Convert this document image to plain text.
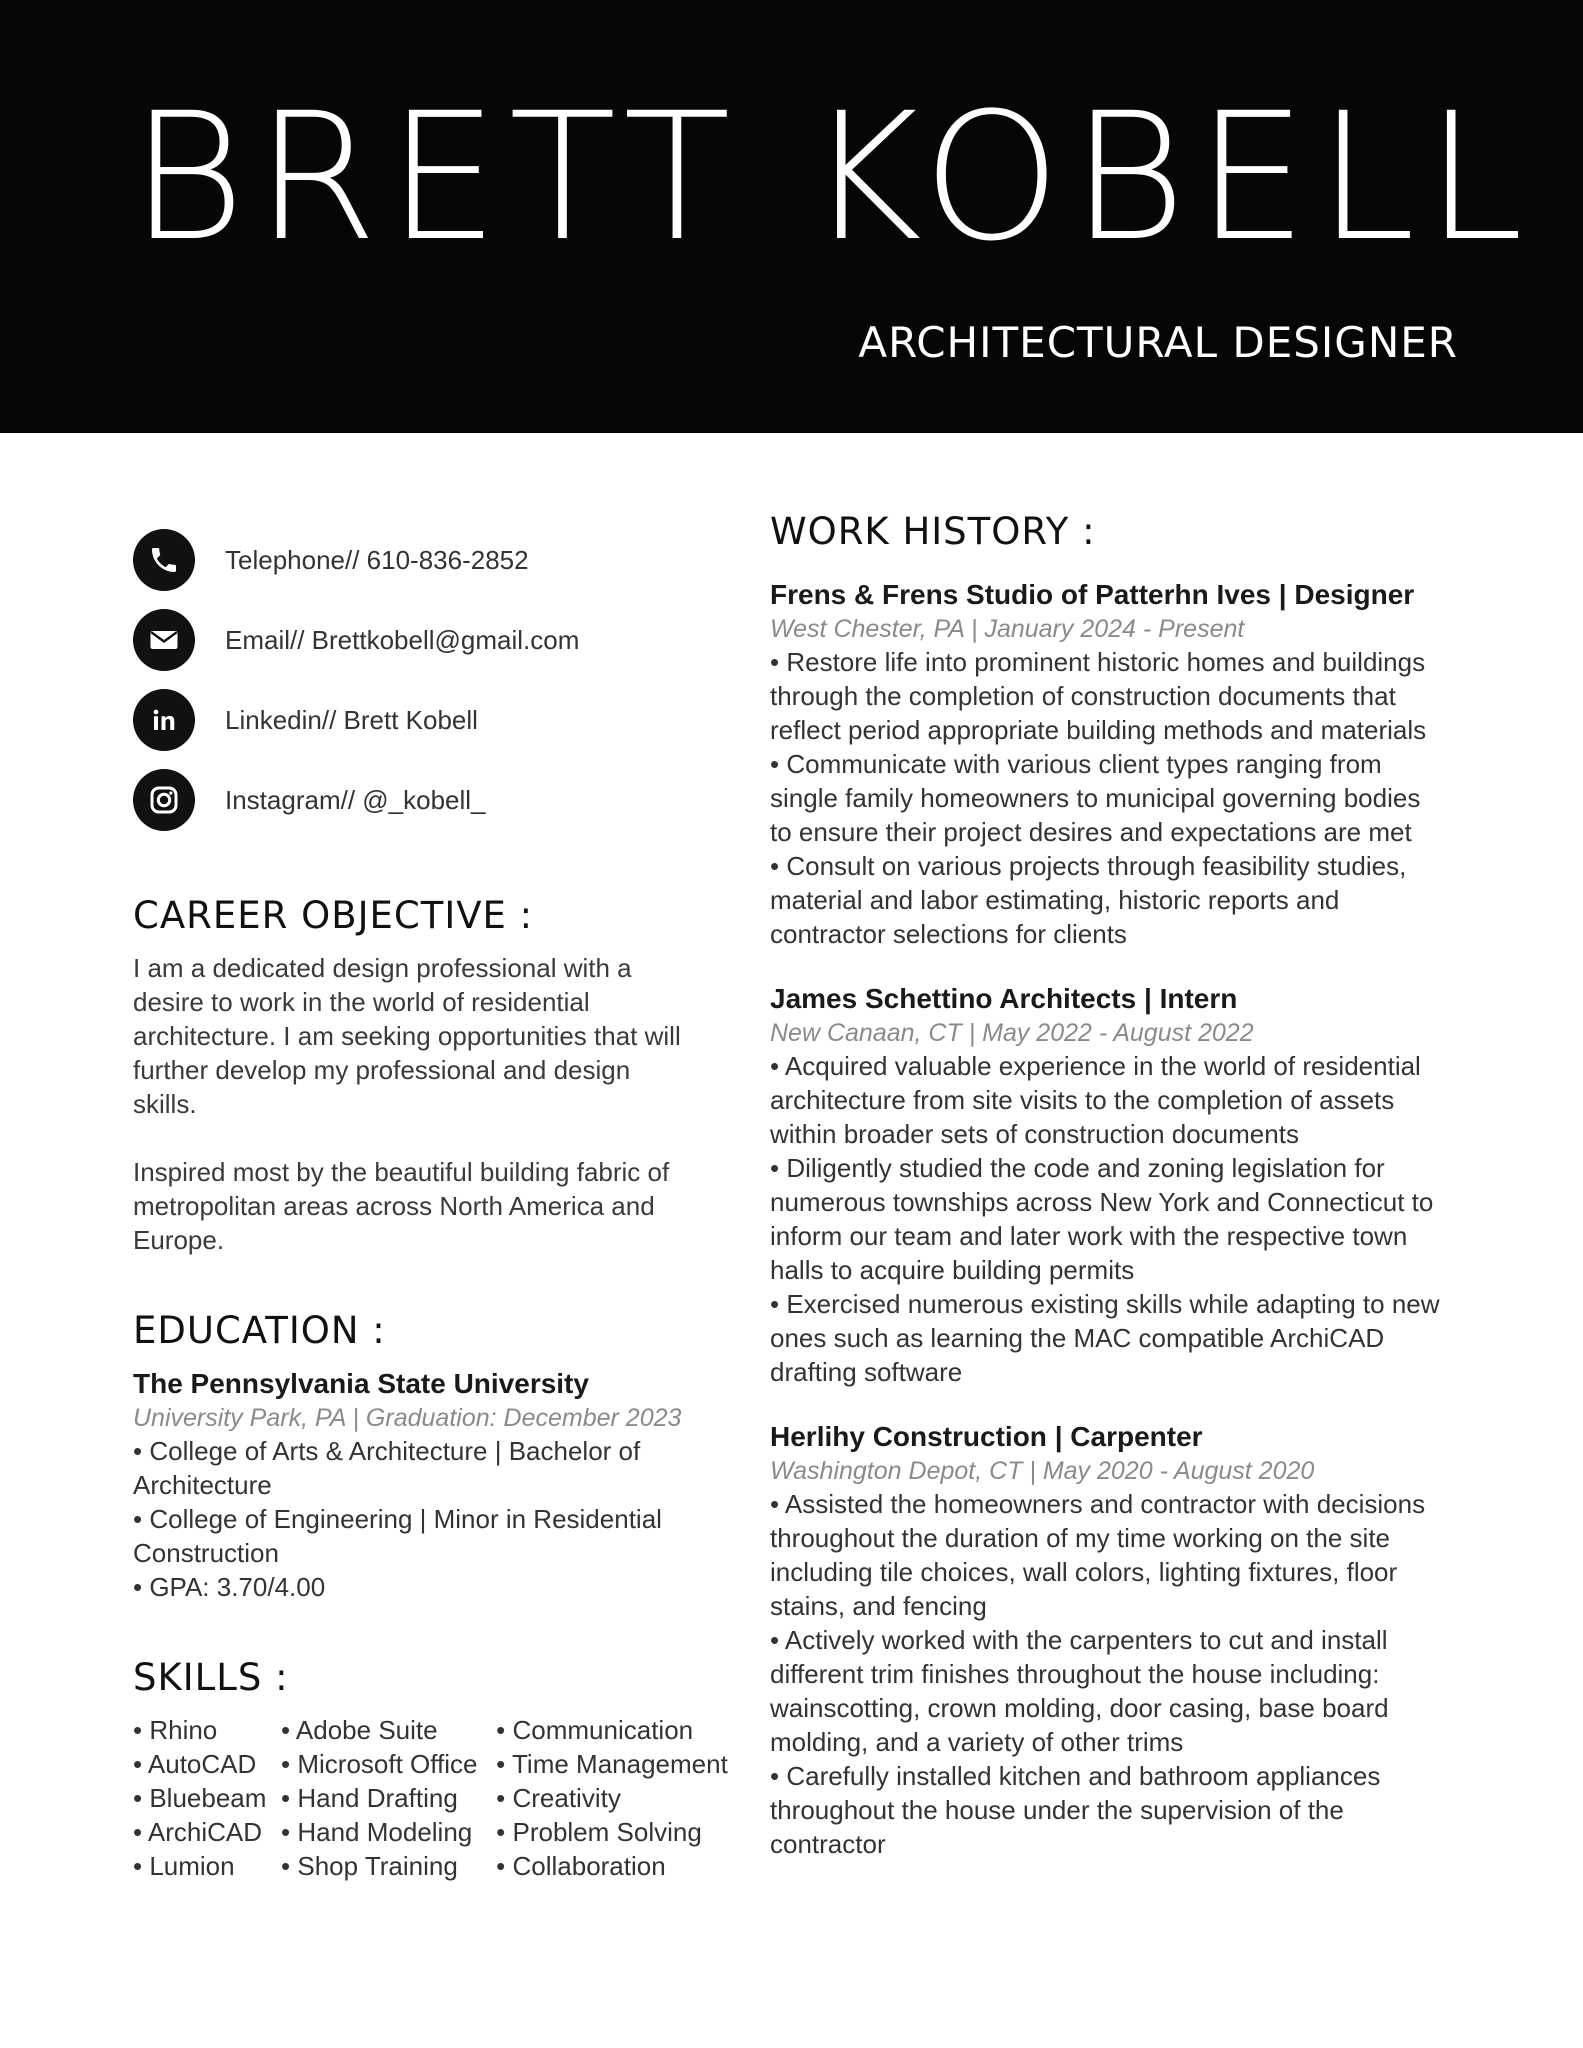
BRETT KOBELL
ARCHITECTURAL DESIGNER
Telephone// 610-836-2852
Email// Brettkobell@gmail.com
Linkedin// Brett Kobell
Instagram// @_kobell_
CAREER OBJECTIVE :
I am a dedicated design professional with a
desire to work in the world of residential
architecture. I am seeking opportunities that will
further develop my professional and design
skills.
Inspired most by the beautiful building fabric of
metropolitan areas across North America and
Europe.
EDUCATION :
The Pennsylvania State University
University Park, PA | Graduation: December 2023
• College of Arts & Architecture | Bachelor of
Architecture
• College of Engineering | Minor in Residential
Construction
• GPA: 3.70/4.00
SKILLS :
• Rhino
• AutoCAD
• Bluebeam
• ArchiCAD
• Lumion
• Adobe Suite
• Microsoft Office
• Hand Drafting
• Hand Modeling
• Shop Training
• Communication
• Time Management
• Creativity
• Problem Solving
• Collaboration
WORK HISTORY :
Frens & Frens Studio of Patterhn Ives | Designer
West Chester, PA | January 2024 - Present
• Restore life into prominent historic homes and buildings
through the completion of construction documents that
reflect period appropriate building methods and materials
• Communicate with various client types ranging from
single family homeowners to municipal governing bodies
to ensure their project desires and expectations are met
• Consult on various projects through feasibility studies,
material and labor estimating, historic reports and
contractor selections for clients
James Schettino Architects | Intern
New Canaan, CT | May 2022 - August 2022
• Acquired valuable experience in the world of residential
architecture from site visits to the completion of assets
within broader sets of construction documents
• Diligently studied the code and zoning legislation for
numerous townships across New York and Connecticut to
inform our team and later work with the respective town
halls to acquire building permits
• Exercised numerous existing skills while adapting to new
ones such as learning the MAC compatible ArchiCAD
drafting software
Herlihy Construction | Carpenter
Washington Depot, CT | May 2020 - August 2020
• Assisted the homeowners and contractor with decisions
throughout the duration of my time working on the site
including tile choices, wall colors, lighting fixtures, floor
stains, and fencing
• Actively worked with the carpenters to cut and install
different trim finishes throughout the house including:
wainscotting, crown molding, door casing, base board
molding, and a variety of other trims
• Carefully installed kitchen and bathroom appliances
throughout the house under the supervision of the
contractor
